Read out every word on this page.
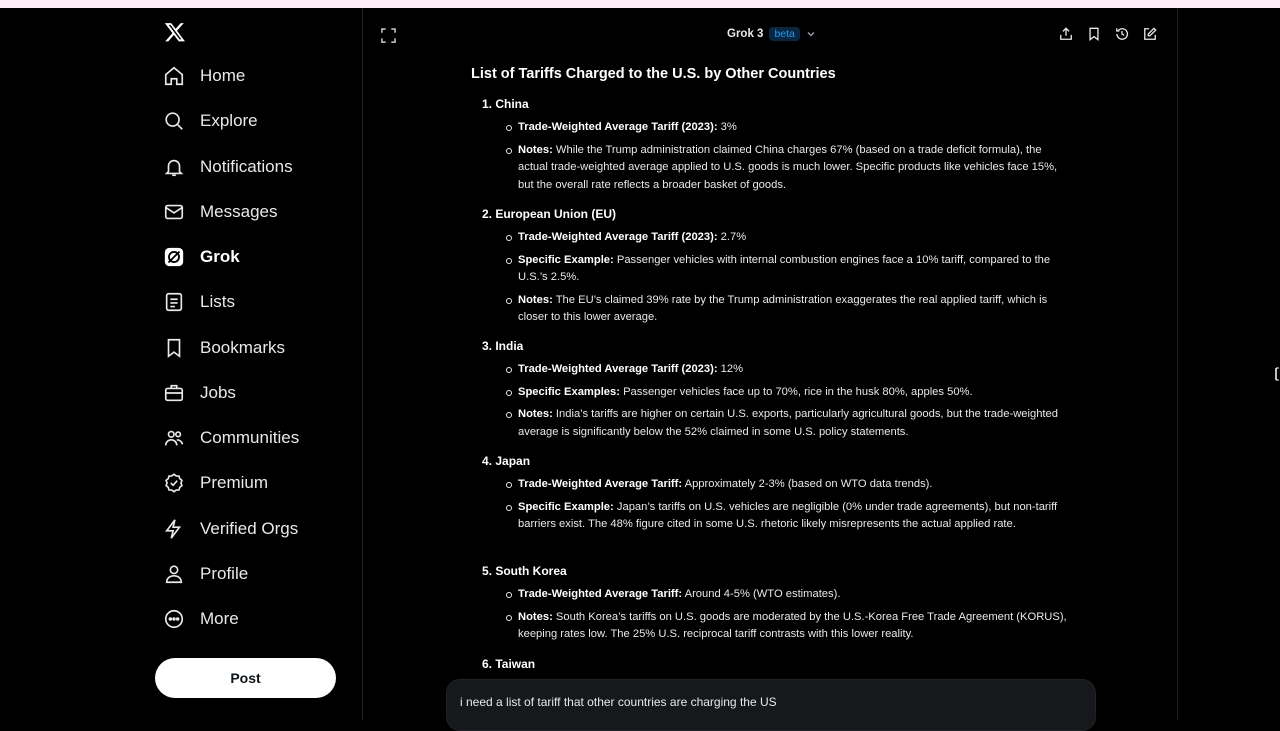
Home
Explore
Notifications
Messages
Grok
Lists
Bookmarks
Jobs
Communities
Premium
Verified Orgs
Profile
More
Post
Grok 3	beta
List of Tariffs Charged to the U.S. by Other Countries
1. China
Trade-Weighted Average Tariff (2023): 3%
Notes: While the Trump administration claimed China charges 67% (based on a trade deficit formula), the actual trade-weighted average applied to U.S. goods is much lower. Specific products like vehicles face 15%, but the overall rate reflects a broader basket of goods.
2. European Union (EU)
Trade-Weighted Average Tariff (2023): 2.7%
Specific Example: Passenger vehicles with internal combustion engines face a 10% tariff, compared to the U.S.’s 2.5%.
Notes: The EU’s claimed 39% rate by the Trump administration exaggerates the real applied tariff, which is closer to this lower average.
3. India
Trade-Weighted Average Tariff (2023): 12%
Specific Examples: Passenger vehicles face up to 70%, rice in the husk 80%, apples 50%.
Notes: India’s tariffs are higher on certain U.S. exports, particularly agricultural goods, but the trade-weighted average is significantly below the 52% claimed in some U.S. policy statements.
4. Japan
Trade-Weighted Average Tariff: Approximately 2-3% (based on WTO data trends).
Specific Example: Japan’s tariffs on U.S. vehicles are negligible (0% under trade agreements), but non-tariff barriers exist. The 48% figure cited in some U.S. rhetoric likely misrepresents the actual applied rate.
5. South Korea
Trade-Weighted Average Tariff: Around 4-5% (WTO estimates).
Notes: South Korea’s tariffs on U.S. goods are moderated by the U.S.-Korea Free Trade Agreement (KORUS), keeping rates low. The 25% U.S. reciprocal tariff contrasts with this lower reality.
6. Taiwan
i need a list of tariff that other countries are charging the US
